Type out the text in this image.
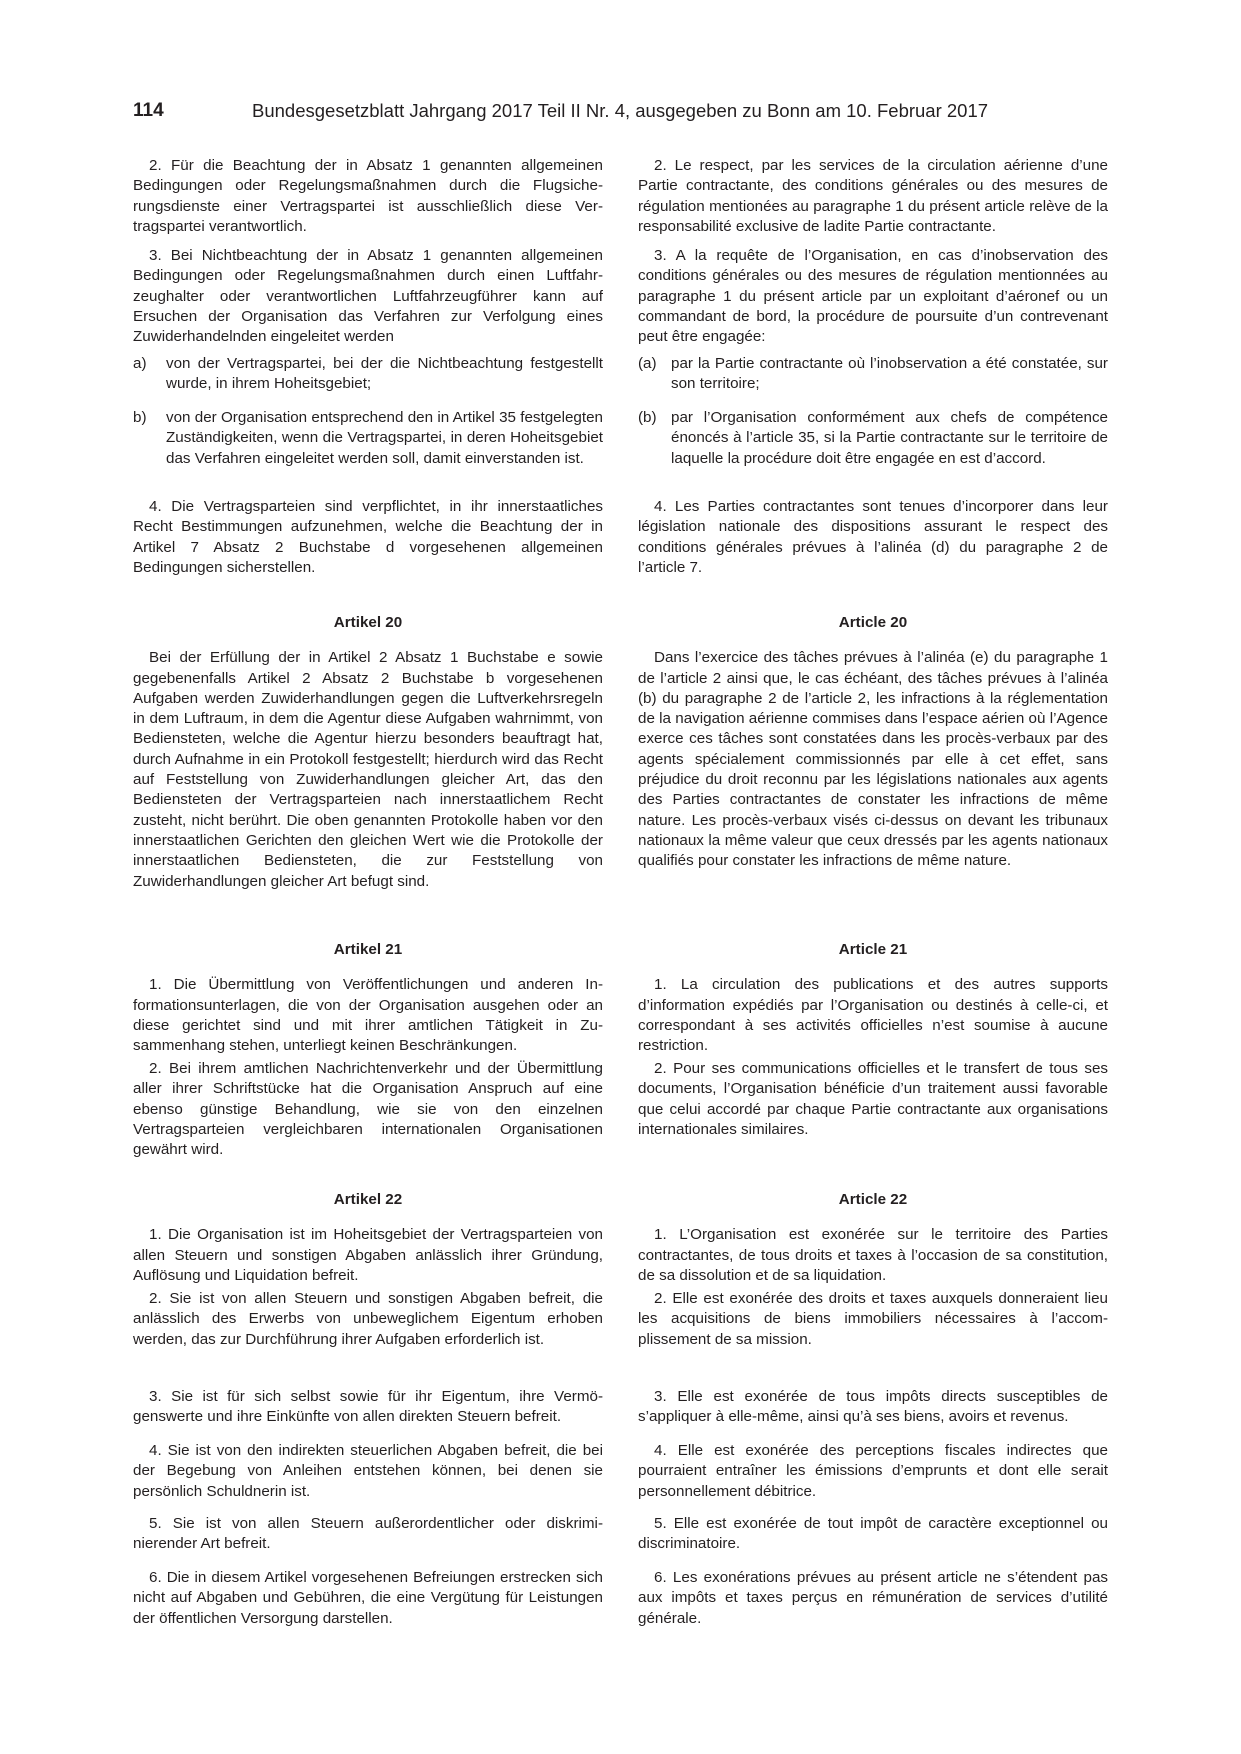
114	Bundesgesetzblatt Jahrgang 2017 Teil II Nr. 4, ausgegeben zu Bonn am 10. Februar 2017

2. Für die Beachtung der in Absatz 1 genannten allgemeinen Bedingungen oder Regelungsmaßnahmen durch die Flugsicherungsdienste einer Vertragspartei ist ausschließlich diese Vertragspartei verantwortlich.

3. Bei Nichtbeachtung der in Absatz 1 genannten allgemeinen Bedingungen oder Regelungsmaßnahmen durch einen Luftfahrzeughalter oder verantwortlichen Luftfahrzeugführer kann auf Ersuchen der Organisation das Verfahren zur Verfolgung eines Zuwiderhandelnden eingeleitet werden

a) von der Vertragspartei, bei der die Nichtbeachtung festgestellt wurde, in ihrem Hoheitsgebiet;

b) von der Organisation entsprechend den in Artikel 35 festgelegten Zuständigkeiten, wenn die Vertragspartei, in deren Hoheitsgebiet das Verfahren eingeleitet werden soll, damit einverstanden ist.

4. Die Vertragsparteien sind verpflichtet, in ihr innerstaatliches Recht Bestimmungen aufzunehmen, welche die Beachtung der in Artikel 7 Absatz 2 Buchstabe d vorgesehenen allgemeinen Bedingungen sicherstellen.

Artikel 20

Bei der Erfüllung der in Artikel 2 Absatz 1 Buchstabe e sowie gegebenenfalls Artikel 2 Absatz 2 Buchstabe b vorgesehenen Aufgaben werden Zuwiderhandlungen gegen die Luftverkehrsregeln in dem Luftraum, in dem die Agentur diese Aufgaben wahrnimmt, von Bediensteten, welche die Agentur hierzu besonders beauftragt hat, durch Aufnahme in ein Protokoll festgestellt; hierdurch wird das Recht auf Feststellung von Zuwiderhandlungen gleicher Art, das den Bediensteten der Vertragsparteien nach innerstaatlichem Recht zusteht, nicht berührt. Die oben genannten Protokolle haben vor den innerstaatlichen Gerichten den gleichen Wert wie die Protokolle der innerstaatlichen Bediensteten, die zur Feststellung von Zuwiderhandlungen gleicher Art befugt sind.

Artikel 21

1. Die Übermittlung von Veröffentlichungen und anderen Informationsunterlagen, die von der Organisation ausgehen oder an diese gerichtet sind und mit ihrer amtlichen Tätigkeit in Zusammenhang stehen, unterliegt keinen Beschränkungen.

2. Bei ihrem amtlichen Nachrichtenverkehr und der Übermittlung aller ihrer Schriftstücke hat die Organisation Anspruch auf eine ebenso günstige Behandlung, wie sie von den einzelnen Vertragsparteien vergleichbaren internationalen Organisationen gewährt wird.

Artikel 22

1. Die Organisation ist im Hoheitsgebiet der Vertragsparteien von allen Steuern und sonstigen Abgaben anlässlich ihrer Gründung, Auflösung und Liquidation befreit.

2. Sie ist von allen Steuern und sonstigen Abgaben befreit, die anlässlich des Erwerbs von unbeweglichem Eigentum erhoben werden, das zur Durchführung ihrer Aufgaben erforderlich ist.

3. Sie ist für sich selbst sowie für ihr Eigentum, ihre Vermögenswerte und ihre Einkünfte von allen direkten Steuern befreit.

4. Sie ist von den indirekten steuerlichen Abgaben befreit, die bei der Begebung von Anleihen entstehen können, bei denen sie persönlich Schuldnerin ist.

5. Sie ist von allen Steuern außerordentlicher oder diskriminierender Art befreit.

6. Die in diesem Artikel vorgesehenen Befreiungen erstrecken sich nicht auf Abgaben und Gebühren, die eine Vergütung für Leistungen der öffentlichen Versorgung darstellen.

2. Le respect, par les services de la circulation aérienne d’une Partie contractante, des conditions générales ou des mesures de régulation mentionées au paragraphe 1 du présent article relève de la responsabilité exclusive de ladite Partie contractante.

3. A la requête de l’Organisation, en cas d’inobservation des conditions générales ou des mesures de régulation mentionnées au paragraphe 1 du présent article par un exploitant d’aéronef ou un commandant de bord, la procédure de poursuite d’un contrevenant peut être engagée:

(a) par la Partie contractante où l’inobservation a été constatée, sur son territoire;

(b) par l’Organisation conformément aux chefs de compétence énoncés à l’article 35, si la Partie contractante sur le territoire de laquelle la procédure doit être engagée en est d’accord.

4. Les Parties contractantes sont tenues d’incorporer dans leur législation nationale des dispositions assurant le respect des conditions générales prévues à l’alinéa (d) du paragraphe 2 de l’article 7.

Article 20

Dans l’exercice des tâches prévues à l’alinéa (e) du paragraphe 1 de l’article 2 ainsi que, le cas échéant, des tâches prévues à l’alinéa (b) du paragraphe 2 de l’article 2, les infractions à la réglementation de la navigation aérienne commises dans l’espace aérien où l’Agence exerce ces tâches sont constatées dans les procès-verbaux par des agents spécialement commissionnés par elle à cet effet, sans préjudice du droit reconnu par les législations nationales aux agents des Parties contractantes de constater les infractions de même nature. Les procès-verbaux visés ci-dessus on devant les tribunaux nationaux la même valeur que ceux dressés par les agents nationaux qualifiés pour constater les infractions de même nature.

Article 21

1. La circulation des publications et des autres supports d’information expédiés par l’Organisation ou destinés à celle-ci, et correspondant à ses activités officielles n’est soumise à aucune restriction.

2. Pour ses communications officielles et le transfert de tous ses documents, l’Organisation bénéficie d’un traitement aussi favorable que celui accordé par chaque Partie contractante aux organisations internationales similaires.

Article 22

1. L’Organisation est exonérée sur le territoire des Parties contractantes, de tous droits et taxes à l’occasion de sa constitution, de sa dissolution et de sa liquidation.

2. Elle est exonérée des droits et taxes auxquels donneraient lieu les acquisitions de biens immobiliers nécessaires à l’accomplissement de sa mission.

3. Elle est exonérée de tous impôts directs susceptibles de s’appliquer à elle-même, ainsi qu’à ses biens, avoirs et revenus.

4. Elle est exonérée des perceptions fiscales indirectes que pourraient entraîner les émissions d’emprunts et dont elle serait personnellement débitrice.

5. Elle est exonérée de tout impôt de caractère exceptionnel ou discriminatoire.

6. Les exonérations prévues au présent article ne s’étendent pas aux impôts et taxes perçus en rémunération de services d’utilité générale.
